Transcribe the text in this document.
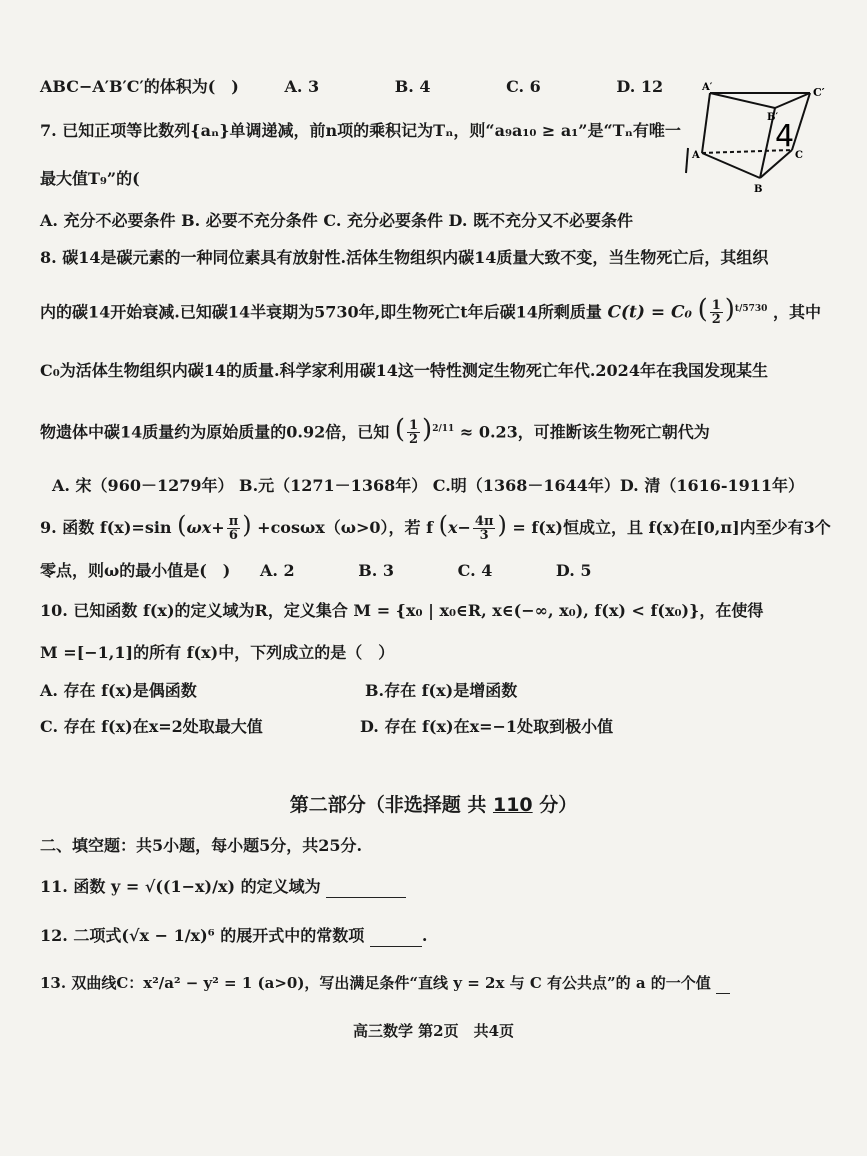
ABC−A′B′C′的体积为(　)	A. 3	B. 4	C. 6	D. 12	A′
B′
C′
A
B
C
4
7. 已知正项等比数列{aₙ}单调递减，前n项的乘积记为Tₙ，则“a₉a₁₀ ≥ a₁”是“Tₙ有唯一
最大值T₉”的(
A. 充分不必要条件 B. 必要不充分条件 C. 充分必要条件 D. 既不充分又不必要条件
8. 碳14是碳元素的一种同位素具有放射性.活体生物组织内碳14质量大致不变，当生物死亡后，其组织
内的碳14开始衰减.已知碳14半衰期为5730年,即生物死亡t年后碳14所剩质量 C(t) = C₀ ( $\frac{1}{2} )^{t/5730}$ ，其中
C₀为活体生物组织内碳14的质量.科学家利用碳14这一特性测定生物死亡年代.2024年在我国发现某生
物遗体中碳14质量约为原始质量的0.92倍，已知 ( $\frac{1}{2} )^{2/11} \approx 0.23$，可推断该生物死亡朝代为
A. 宋（960－1279年） B.元（1271－1368年） C.明（1368－1644年）D. 清（1616-1911年）
9. 函数 f(x)=sin ($\omega x+ \frac{\pi}{6}$ ) +cosωx（ω>0），若 f ($x- \frac{4\pi}{3}$ ) = f(x)恒成立，且 f(x)在[0,π]内至少有3个
零点，则ω的最小值是(　) A. 2	B. 3	C. 4	D. 5
10. 已知函数 f(x)的定义域为R，定义集合 M = {x₀ | x₀∈R, x∈(−∞, x₀), f(x) < f(x₀)}，在使得
M =[−1,1]的所有 f(x)中，下列成立的是（　）
A. 存在 f(x)是偶函数	B.存在 f(x)是增函数
C. 存在 f(x)在x=2处取最大值	D. 存在 f(x)在x=−1处取到极小值
第二部分（非选择题 共 110 分）
二、填空题：共5小题，每小题5分，共25分.
11. 函数 y = √((1−x)/x) 的定义域为
12. 二项式(√x − 1/x)⁶ 的展开式中的常数项	.
13. 双曲线C：x²/a² − y² = 1 (a>0)，写出满足条件“直线 y = 2x 与 C 有公共点”的 a 的一个值
高三数学 第2页　共4页
